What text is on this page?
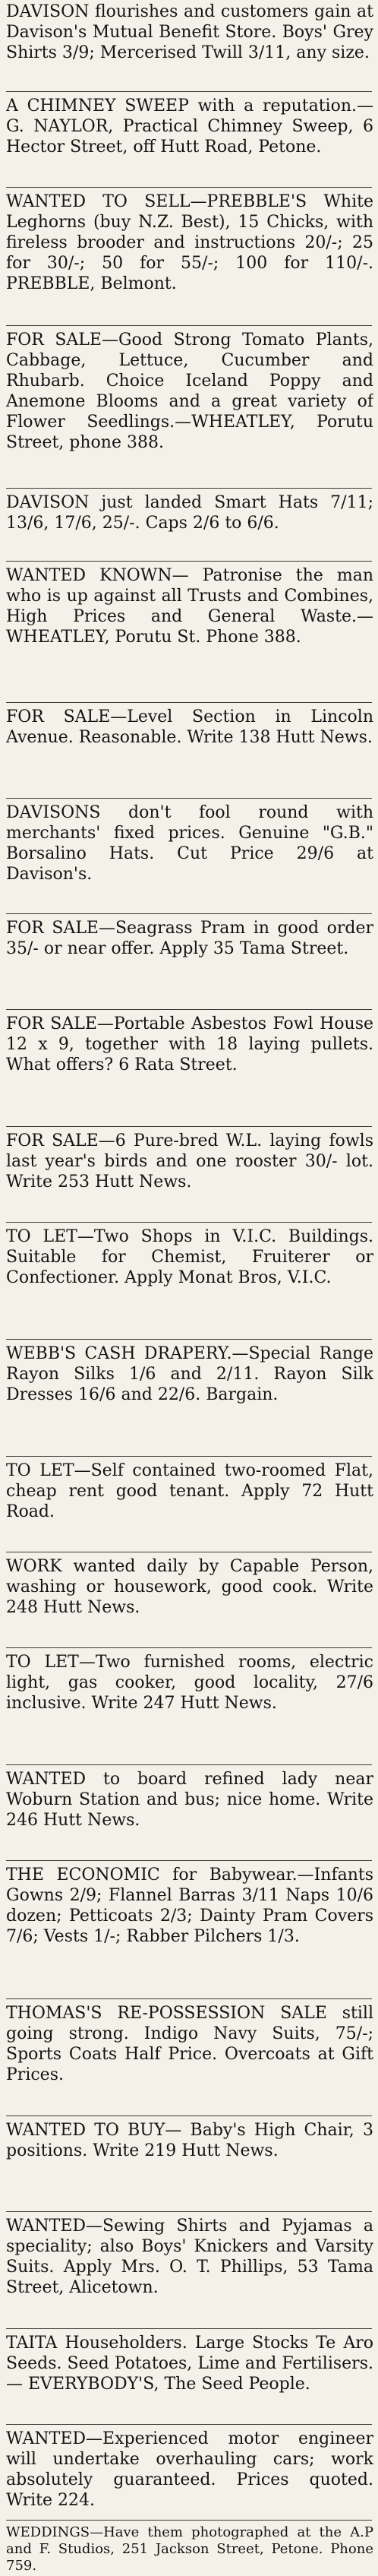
DAVISON flourishes and customers gain at Davison's Mutual Benefit Store. Boys' Grey Shirts 3/9; Mercerised Twill 3/11, any size.

A CHIMNEY SWEEP with a reputation.—G. NAYLOR, Practical Chimney Sweep, 6 Hector Street, off Hutt Road, Petone.

WANTED TO SELL—PREBBLE'S White Leghorns (buy N.Z. Best), 15 Chicks, with fireless brooder and instructions 20/-; 25 for 30/-; 50 for 55/-; 100 for 110/-. PREBBLE, Belmont.

FOR SALE—Good Strong Tomato Plants, Cabbage, Lettuce, Cucumber and Rhubarb. Choice Iceland Poppy and Anemone Blooms and a great variety of Flower Seedlings.—WHEATLEY, Porutu Street, phone 388.

DAVISON just landed Smart Hats 7/11; 13/6, 17/6, 25/-. Caps 2/6 to 6/6.

WANTED KNOWN— Patronise the man who is up against all Trusts and Combines, High Prices and General Waste.—WHEATLEY, Porutu St. Phone 388.

FOR SALE—Level Section in Lincoln Avenue. Reasonable. Write 138 Hutt News.

DAVISONS don't fool round with merchants' fixed prices. Genuine "G.B." Borsalino Hats. Cut Price 29/6 at Davison's.

FOR SALE—Seagrass Pram in good order 35/- or near offer. Apply 35 Tama Street.

FOR SALE—Portable Asbestos Fowl House 12 x 9, together with 18 laying pullets. What offers? 6 Rata Street.

FOR SALE—6 Pure-bred W.L. laying fowls last year's birds and one rooster 30/- lot. Write 253 Hutt News.

TO LET—Two Shops in V.I.C. Buildings. Suitable for Chemist, Fruiterer or Confectioner. Apply Monat Bros, V.I.C.

WEBB'S CASH DRAPERY.—Special Range Rayon Silks 1/6 and 2/11. Rayon Silk Dresses 16/6 and 22/6. Bargain.

TO LET—Self contained two-roomed Flat, cheap rent good tenant. Apply 72 Hutt Road.

WORK wanted daily by Capable Person, washing or housework, good cook. Write 248 Hutt News.

TO LET—Two furnished rooms, electric light, gas cooker, good locality, 27/6 inclusive. Write 247 Hutt News.

WANTED to board refined lady near Woburn Station and bus; nice home. Write 246 Hutt News.

THE ECONOMIC for Babywear.—Infants Gowns 2/9; Flannel Barras 3/11 Naps 10/6 dozen; Petticoats 2/3; Dainty Pram Covers 7/6; Vests 1/-; Rabber Pilchers 1/3.

THOMAS'S RE-POSSESSION SALE still going strong. Indigo Navy Suits, 75/-; Sports Coats Half Price. Overcoats at Gift Prices.

WANTED TO BUY— Baby's High Chair, 3 positions. Write 219 Hutt News.

WANTED—Sewing Shirts and Pyjamas a speciality; also Boys' Knickers and Varsity Suits. Apply Mrs. O. T. Phillips, 53 Tama Street, Alicetown.

TAITA Householders. Large Stocks Te Aro Seeds. Seed Potatoes, Lime and Fertilisers.— EVERYBODY'S, The Seed People.

WANTED—Experienced motor engineer will undertake overhauling cars; work absolutely guaranteed. Prices quoted. Write 224.

WEDDINGS—Have them photographed at the A.P and F. Studios, 251 Jackson Street, Petone. Phone 759.
